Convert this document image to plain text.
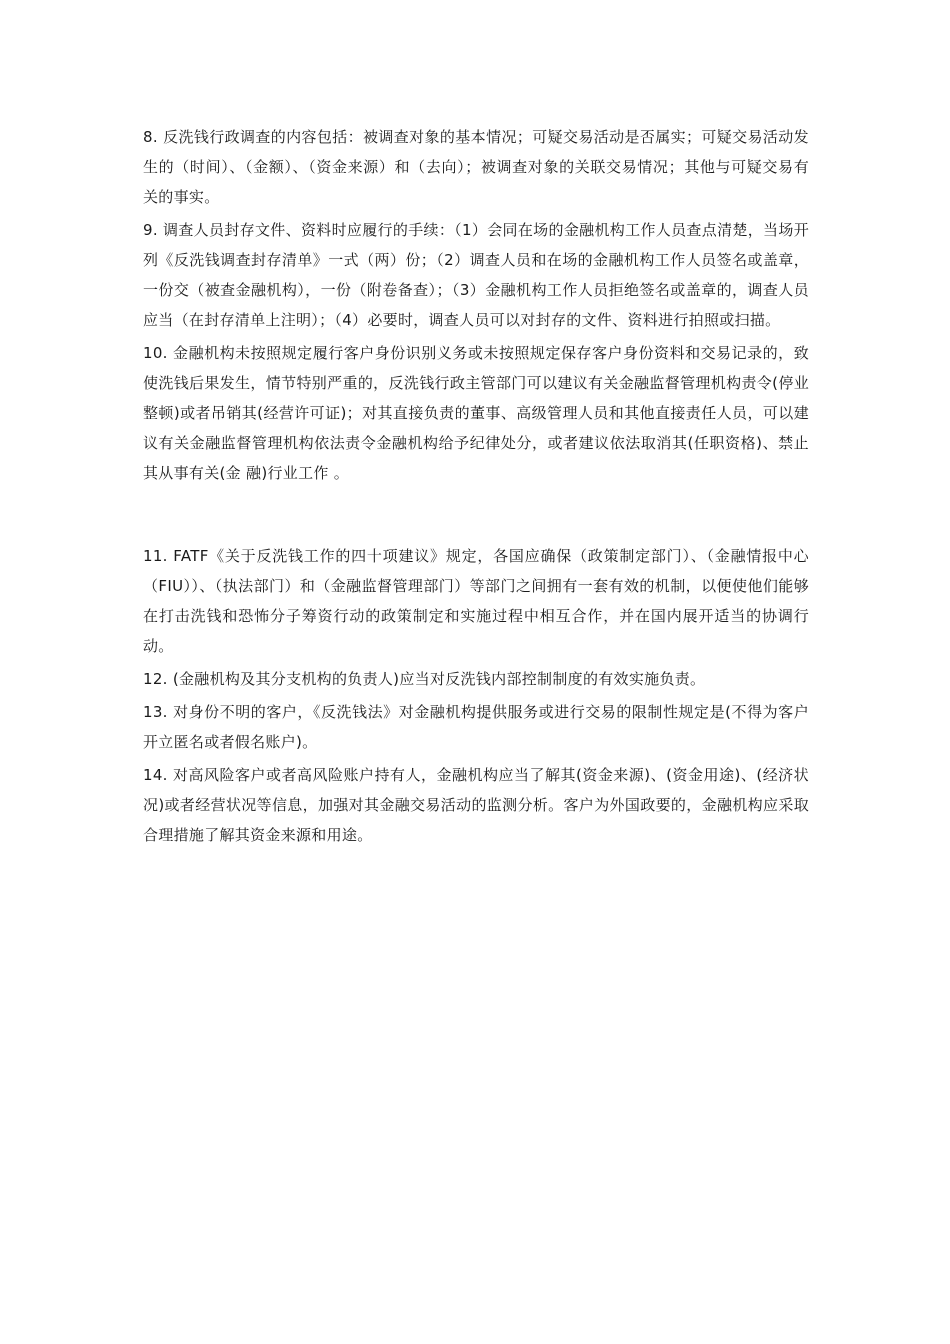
8. 反洗钱行政调查的内容包括：被调查对象的基本情况；可疑交易活动是否属实；可疑交易活动发生的（时间）、（金额）、（资金来源）和（去向）；被调查对象的关联交易情况；其他与可疑交易有关的事实。

9. 调查人员封存文件、资料时应履行的手续：（1）会同在场的金融机构工作人员查点清楚，当场开列《反洗钱调查封存清单》一式（两）份；（2）调查人员和在场的金融机构工作人员签名或盖章，一份交（被查金融机构），一份（附卷备查）；（3）金融机构工作人员拒绝签名或盖章的，调查人员应当（在封存清单上注明）；（4）必要时，调查人员可以对封存的文件、资料进行拍照或扫描。

10. 金融机构未按照规定履行客户身份识别义务或未按照规定保存客户身份资料和交易记录的，致使洗钱后果发生，情节特别严重的，反洗钱行政主管部门可以建议有关金融监督管理机构责令(停业整顿)或者吊销其(经营许可证)；对其直接负责的董事、高级管理人员和其他直接责任人员，可以建议有关金融监督管理机构依法责令金融机构给予纪律处分，或者建议依法取消其(任职资格)、禁止其从事有关(金 融)行业工作 。

11. FATF《关于反洗钱工作的四十项建议》规定，各国应确保（政策制定部门）、（金融情报中心（FIU））、（执法部门）和（金融监督管理部门）等部门之间拥有一套有效的机制，以便使他们能够在打击洗钱和恐怖分子筹资行动的政策制定和实施过程中相互合作，并在国内展开适当的协调行动。

12. (金融机构及其分支机构的负责人)应当对反洗钱内部控制制度的有效实施负责。

13. 对身份不明的客户，《反洗钱法》对金融机构提供服务或进行交易的限制性规定是(不得为客户开立匿名或者假名账户)。

14. 对高风险客户或者高风险账户持有人，金融机构应当了解其(资金来源)、(资金用途)、(经济状况)或者经营状况等信息，加强对其金融交易活动的监测分析。客户为外国政要的，金融机构应采取合理措施了解其资金来源和用途。
